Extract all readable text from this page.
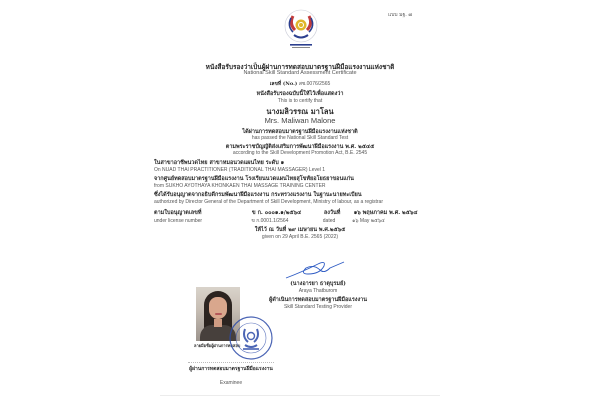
แบบ มฐ. ๗
หนังสือรับรองว่าเป็นผู้ผ่านการทดสอบมาตรฐานฝีมือแรงงานแห่งชาติ
National Skill Standard Assessment Certificate
เลขที่ (No.) สช.0076/2565
หนังสือรับรองฉบับนี้ให้ไว้เพื่อแสดงว่า
This is to certify that
นางมลิวรรณ มาโลน
Mrs. Maliwan Malone
ได้ผ่านการทดสอบมาตรฐานฝีมือแรงงานแห่งชาติ
has passed the National Skill Standard Test
ตามพระราชบัญญัติส่งเสริมการพัฒนาฝีมือแรงงาน พ.ศ. ๒๕๔๕
according to the Skill Development Promotion Act, B.E. 2545
ในสาขาอาชีพนวดไทย สาขาหมอนวดแผนไทย ระดับ ๑
On NUAD THAI PRACTITIONER (TRADITIONAL THAI MASSAGER) Level 1
จากศูนย์ทดสอบมาตรฐานฝีมือแรงงาน โรงเรียนนวดแผนไทยสุโขทัยอโยธยาขอนแก่น
from SUKHO AYOTHAYA KHONKAEN THAI MASSAGE TRAINING CENTER
ซึ่งได้รับอนุญาตจากอธิบดีกรมพัฒนาฝีมือแรงงาน กระทรวงแรงงาน ในฐานะนายทะเบียน
authorized by Director General of the Department of Skill Development, Ministry of labour, as a registrar
ตามใบอนุญาตเลขที่	ข ก. ๐๐๐๑.๑/๒๕๖๔	ลงวันที่ ๑๖ พฤษภาคม พ.ศ. ๒๕๖๔
under license number	ข ก.0001.1/2564	dated	๑๖ May ๒๕๖๔
ให้ไว้ ณ วันที่ ๒๙ เมษายน พ.ศ.๒๕๖๕
given on 29 April B.E. 2565 (2022)
(นางอารยา ธาตุบุรมย์)
Araya Thatburom
ผู้ดำเนินการทดสอบมาตรฐานฝีมือแรงงาน
Skill Standard Testing Provider
ลายมือชื่อผู้ผ่านการทดสอบ
ผู้ผ่านการทดสอบมาตรฐานฝีมือแรงงาน
Examinee
